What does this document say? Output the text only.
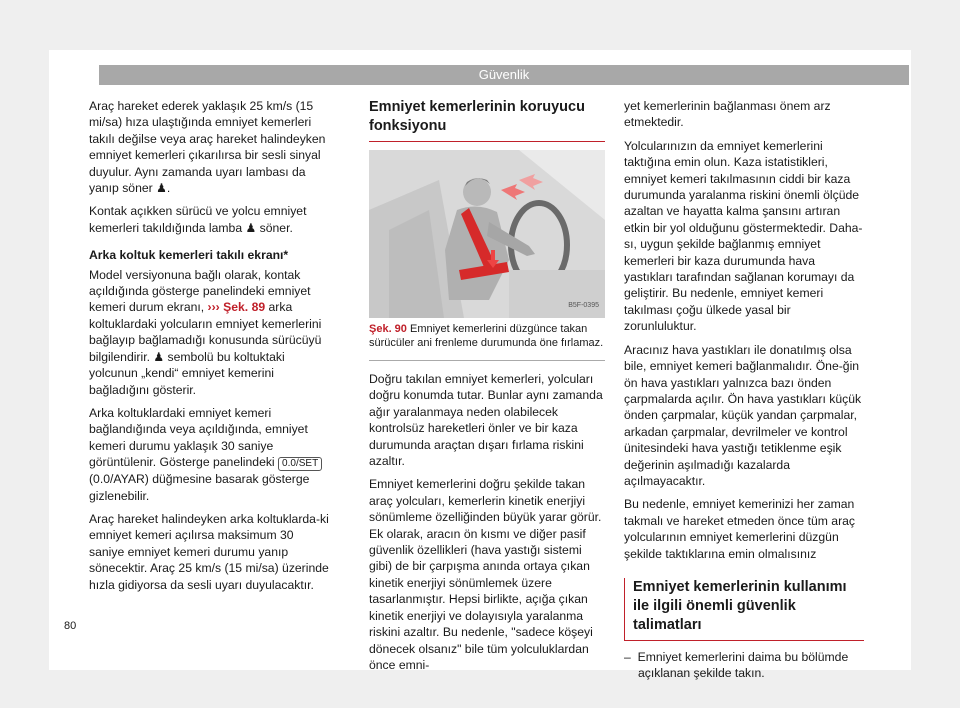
Güvenlik

Araç hareket ederek yaklaşık 25 km/s (15 mi/sa) hıza ulaştığında emniyet kemerleri takılı değilse veya araç hareket halindeyken emniyet kemerleri çıkarılırsa bir sesli sinyal duyulur. Aynı zamanda uyarı lambası da yanıp söner ♟.

Kontak açıkken sürücü ve yolcu emniyet kemerleri takıldığında lamba ♟ söner.

Arka koltuk kemerleri takılı ekranı*

Model versiyonuna bağlı olarak, kontak açıldığında gösterge panelindeki emniyet kemeri durum ekranı, ››› Şek. 89 arka koltuklardaki yolcuların emniyet kemerlerini bağlayıp bağlamadığı konusunda sürücüyü bilgilendirir. ♟ sembolü bu koltuktaki yolcunun „kendi“ emniyet kemerini bağladığını gösterir.

Arka koltuklardaki emniyet kemeri bağlandığında veya açıldığında, emniyet kemeri durumu yaklaşık 30 saniye görüntülenir. Gösterge panelindeki 0.0/SET (0.0/AYAR) düğmesine basarak gösterge gizlenebilir.

Araç hareket halindeyken arka koltuklarda-ki emniyet kemeri açılırsa maksimum 30 saniye emniyet kemeri durumu yanıp sönecektir. Araç 25 km/s (15 mi/sa) üzerinde hızla gidiyorsa da sesli uyarı duyulacaktır.

Emniyet kemerlerinin koruyucu fonksiyonu
B5F-0395

Şek. 90 Emniyet kemerlerini düzgünce takan sürücüler ani frenleme durumunda öne fırlamaz.

Doğru takılan emniyet kemerleri, yolcuları doğru konumda tutar. Bunlar aynı zamanda ağır yaralanmaya neden olabilecek kontrolsüz hareketleri önler ve bir kaza durumunda araçtan dışarı fırlama riskini azaltır.

Emniyet kemerlerini doğru şekilde takan araç yolcuları, kemerlerin kinetik enerjiyi sönümleme özelliğinden büyük yarar görür. Ek olarak, aracın ön kısmı ve diğer pasif güvenlik özellikleri (hava yastığı sistemi gibi) de bir çarpışma anında ortaya çıkan kinetik enerjiyi sönümlemek üzere tasarlanmıştır. Hepsi birlikte, açığa çıkan kinetik enerjiyi ve dolayısıyla yaralanma riskini azaltır. Bu nedenle, "sadece köşeyi dönecek olsanız" bile tüm yolculuklardan önce emni-

yet kemerlerinin bağlanması önem arz etmektedir.

Yolcularınızın da emniyet kemerlerini taktığına emin olun. Kaza istatistikleri, emniyet kemeri takılmasının ciddi bir kaza durumunda yaralanma riskini önemli ölçüde azaltan ve hayatta kalma şansını artıran etkin bir yol olduğunu göstermektedir. Daha-sı, uygun şekilde bağlanmış emniyet kemerleri bir kaza durumunda hava yastıkları tarafından sağlanan korumayı da geliştirir. Bu nedenle, emniyet kemeri takılması çoğu ülkede yasal bir zorunluluktur.

Aracınız hava yastıkları ile donatılmış olsa bile, emniyet kemeri bağlanmalıdır. Öne-ğin ön hava yastıkları yalnızca bazı önden çarpmalarda açılır. Ön hava yastıkları küçük önden çarpmalar, küçük yandan çarpmalar, arkadan çarpmalar, devrilmeler ve kontrol ünitesindeki hava yastığı tetiklenme eşik değerinin aşılmadığı kazalarda açılmayacaktır.

Bu nedenle, emniyet kemerinizi her zaman takmalı ve hareket etmeden önce tüm araç yolcularının emniyet kemerlerini düzgün şekilde taktıklarına emin olmalısınız

Emniyet kemerlerinin kullanımı ile ilgili önemli güvenlik talimatları

– Emniyet kemerlerini daima bu bölümde açıklanan şekilde takın.

80
